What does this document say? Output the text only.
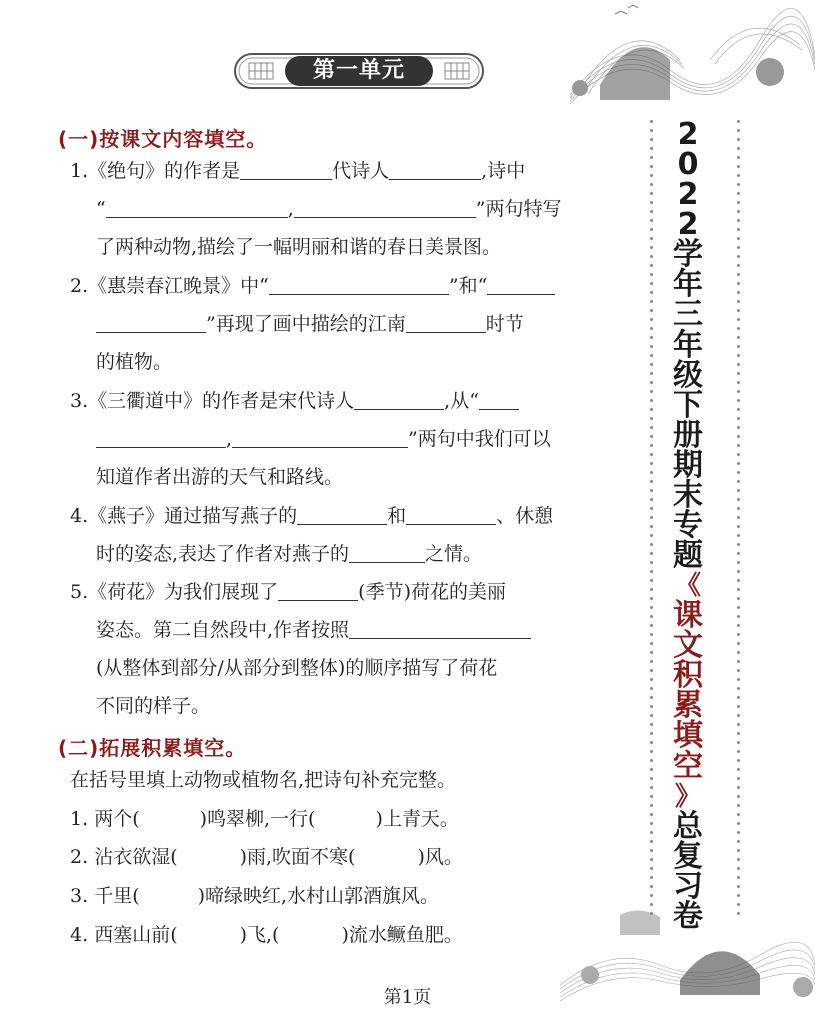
第一单元
(一)按课文内容填空。
1.《绝句》的作者是	代诗人	,诗中
“	,	”两句特写
了两种动物,描绘了一幅明丽和谐的春日美景图。
2.《惠崇春江晚景》中“	”和“
”再现了画中描绘的江南	时节
的植物。
3.《三衢道中》的作者是宋代诗人	,从“
,	”两句中我们可以
知道作者出游的天气和路线。
4.《燕子》通过描写燕子的	和	、休憩
时的姿态,表达了作者对燕子的	之情。
5.《荷花》为我们展现了	(季节)荷花的美丽
姿态。第二自然段中,作者按照
(从整体到部分/从部分到整体)的顺序描写了荷花
不同的样子。
(二)拓展积累填空。
在括号里填上动物或植物名,把诗句补充完整。
1. 两个(	)鸣翠柳,一行(	)上青天。
2. 沾衣欲湿(	)雨,吹面不寒(	)风。
3. 千里(	)啼绿映红,水村山郭酒旗风。
4. 西塞山前(	)飞,(	)流水鳜鱼肥。
2
0
2
2
学
年
三
年
级
下
册
期
末
专
题
《
课
文
积
累
填
空
》
总
复
习
卷
第1页
